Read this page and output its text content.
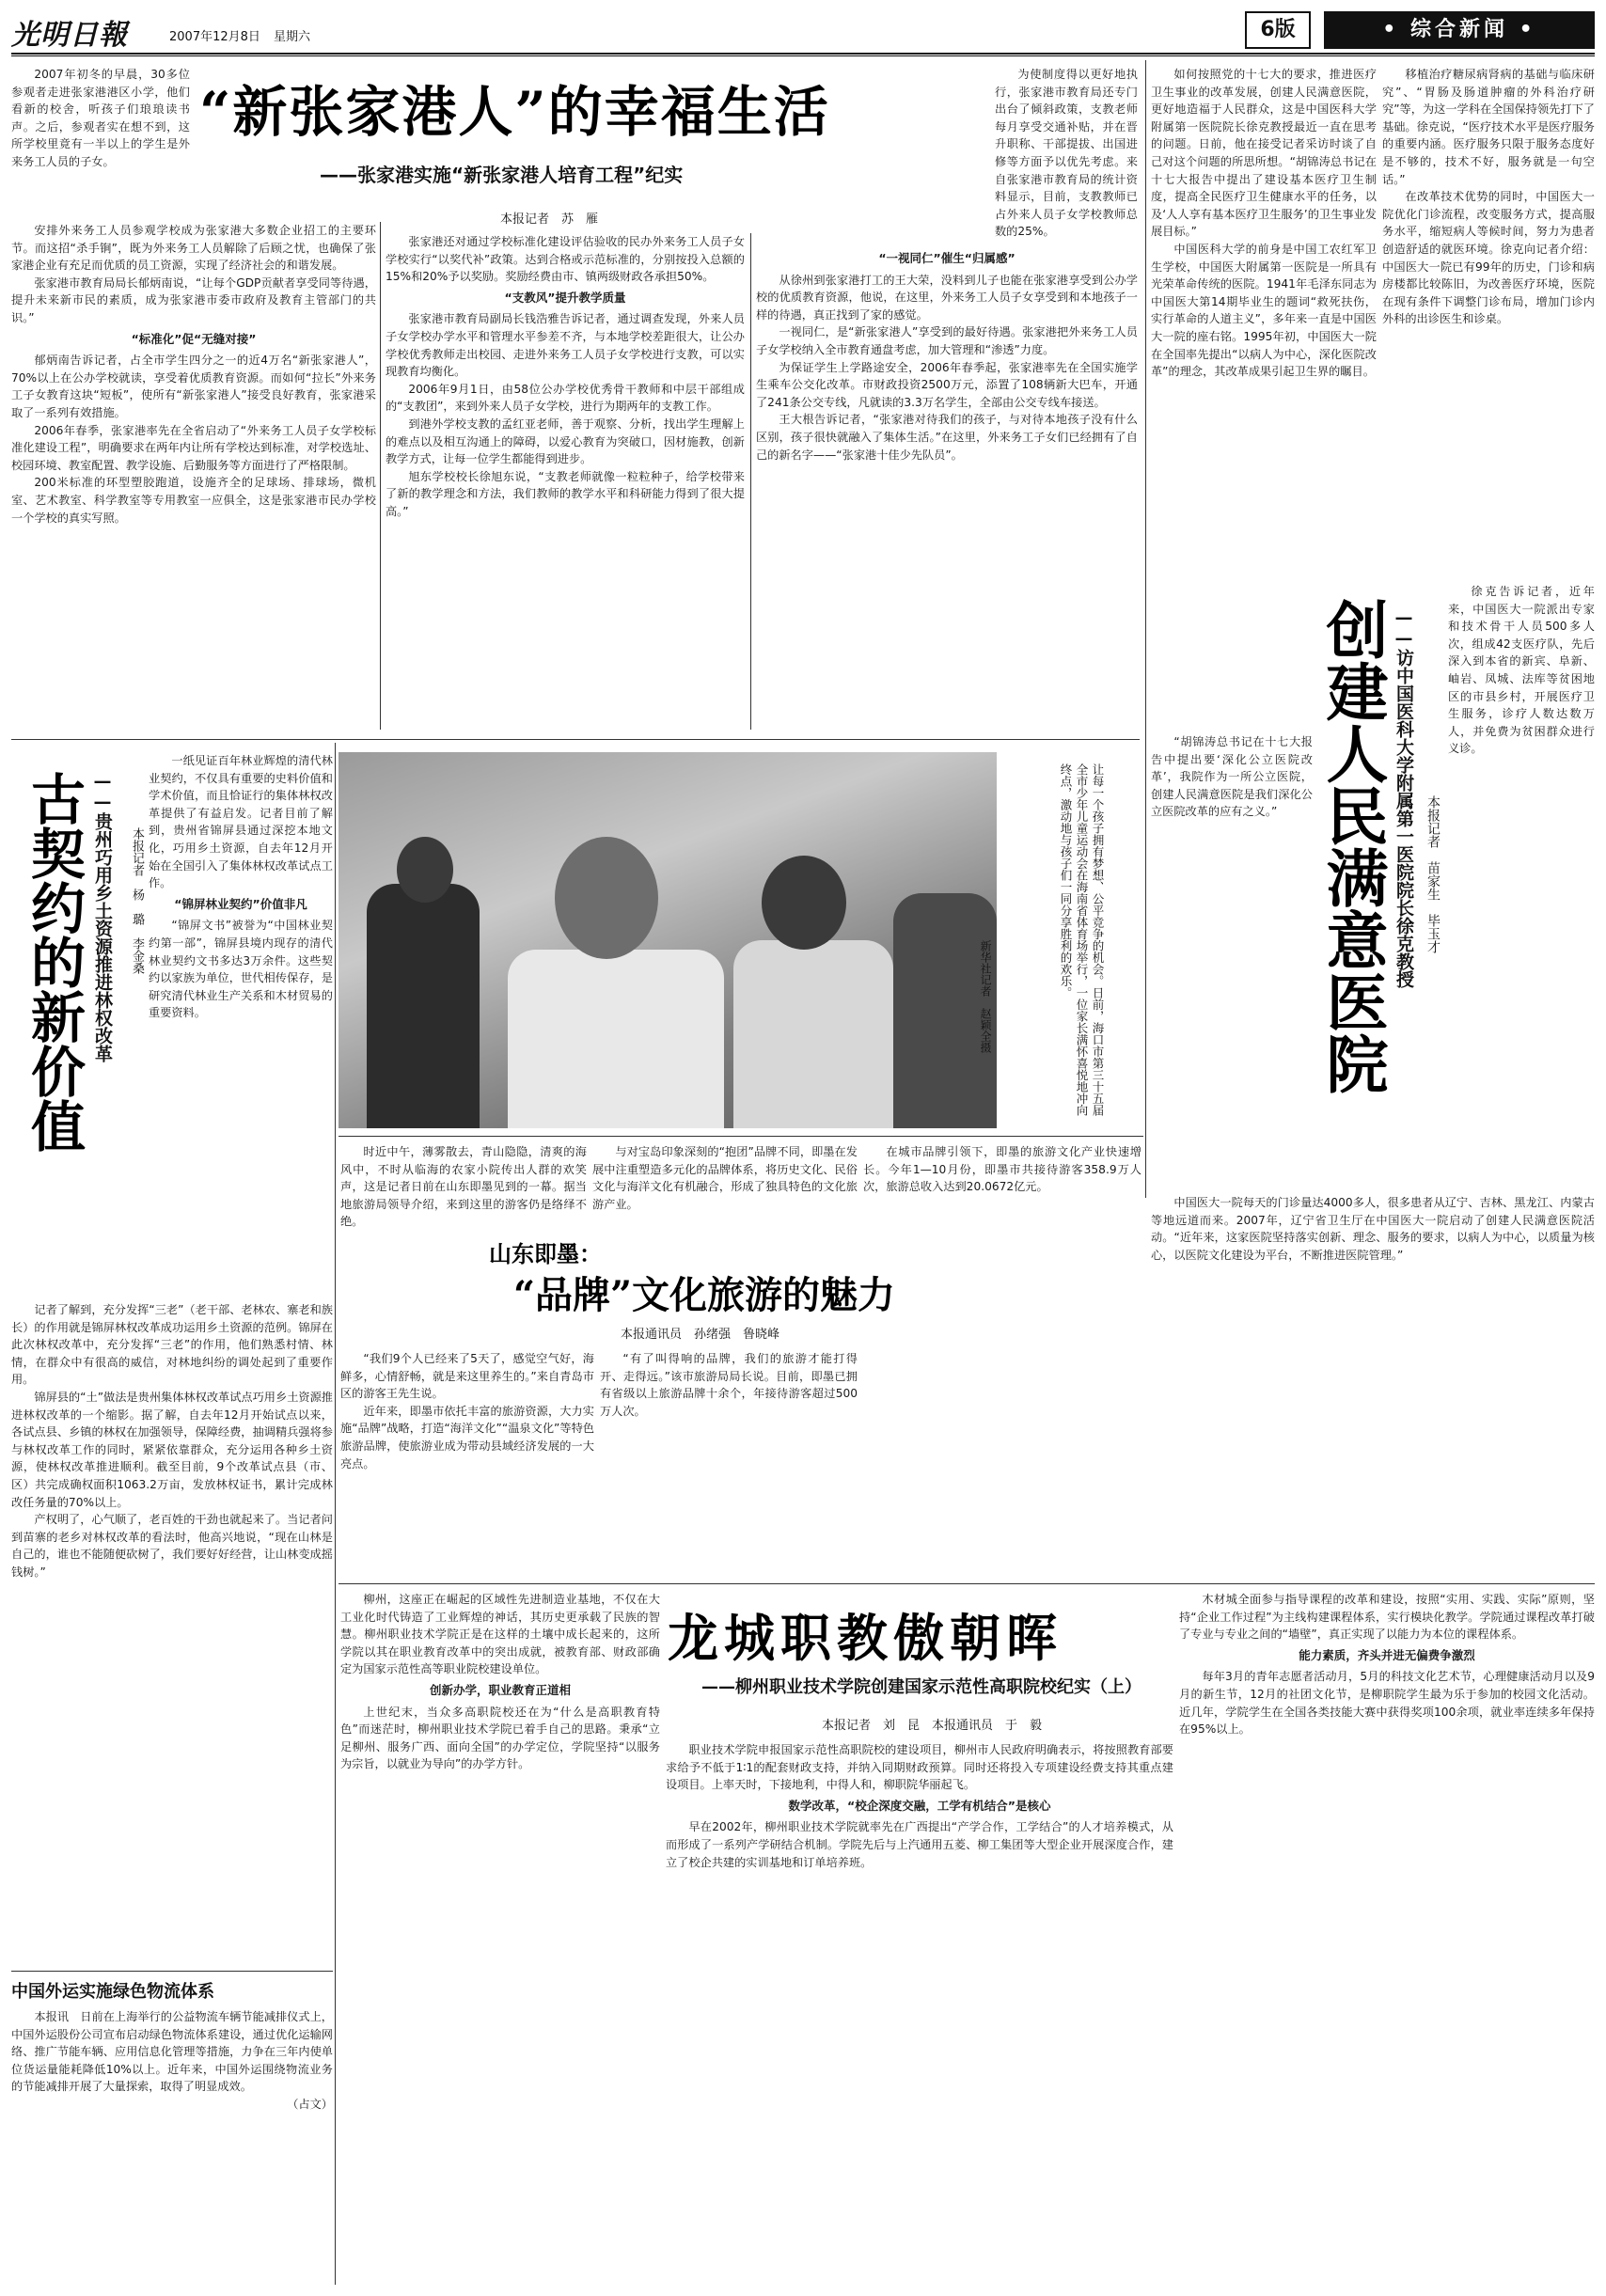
光明日報	2007年12月8日 星期六	6版	• 综合新闻 •
“新张家港人”的幸福生活
——张家港实施“新张家港人培育工程”纪实
本报记者　苏　雁

2007年初冬的早晨，30多位参观者走进张家港港区小学，他们看新的校舍，听孩子们琅琅读书声。之后，参观者实在想不到，这所学校里竟有一半以上的学生是外来务工人员的子女。

安排外来务工人员参观学校成为张家港大多数企业招工的主要环节。而这招“杀手锏”，既为外来务工人员解除了后顾之忧，也确保了张家港企业有充足而优质的员工资源，实现了经济社会的和谐发展。

张家港市教育局局长郁炳南说，“让每个GDP贡献者享受同等待遇，提升未来新市民的素质，成为张家港市委市政府及教育主管部门的共识。”

“标准化”促“无缝对接”

郁炳南告诉记者，占全市学生四分之一的近4万名“新张家港人”，70%以上在公办学校就读，享受着优质教育资源。而如何“拉长”外来务工子女教育这块“短板”，使所有“新张家港人”接受良好教育，张家港采取了一系列有效措施。

2006年春季，张家港率先在全省启动了“外来务工人员子女学校标准化建设工程”，明确要求在两年内让所有学校达到标准，对学校选址、校园环境、教室配置、教学设施、后勤服务等方面进行了严格限制。

200米标准的环型塑胶跑道，设施齐全的足球场、排球场，微机室、艺术教室、科学教室等专用教室一应俱全，这是张家港市民办学校一个学校的真实写照。

张家港还对通过学校标准化建设评估验收的民办外来务工人员子女学校实行“以奖代补”政策。达到合格或示范标准的，分别按投入总额的15%和20%予以奖励。奖励经费由市、镇两级财政各承担50%。

“支教风”提升教学质量

张家港市教育局副局长钱浩雅告诉记者，通过调查发现，外来人员子女学校办学水平和管理水平参差不齐，与本地学校差距很大，让公办学校优秀教师走出校园、走进外来务工人员子女学校进行支教，可以实现教育均衡化。

2006年9月1日，由58位公办学校优秀骨干教师和中层干部组成的“支教团”，来到外来人员子女学校，进行为期两年的支教工作。

到港外学校支教的孟红亚老师，善于观察、分析，找出学生理解上的难点以及相互沟通上的障碍，以爱心教育为突破口，因材施教，创新教学方式，让每一位学生都能得到进步。

旭东学校校长徐旭东说，“支教老师就像一粒粒种子，给学校带来了新的教学理念和方法，我们教师的教学水平和科研能力得到了很大提高。”

为使制度得以更好地执行，张家港市教育局还专门出台了倾斜政策，支教老师每月享受交通补贴，并在晋升职称、干部提拔、出国进修等方面予以优先考虑。来自张家港市教育局的统计资料显示，目前，支教教师已占外来人员子女学校教师总数的25%。

“一视同仁”催生“归属感”

从徐州到张家港打工的王大荣，没料到儿子也能在张家港享受到公办学校的优质教育资源，他说，在这里，外来务工人员子女享受到和本地孩子一样的待遇，真正找到了家的感觉。

一视同仁，是“新张家港人”享受到的最好待遇。张家港把外来务工人员子女学校纳入全市教育通盘考虑，加大管理和“渗透”力度。

为保证学生上学路途安全，2006年春季起，张家港率先在全国实施学生乘车公交化改革。市财政投资2500万元，添置了108辆新大巴车，开通了241条公交专线，凡就读的3.3万名学生，全部由公交专线车接送。

王大根告诉记者，“张家港对待我们的孩子，与对待本地孩子没有什么区别，孩子很快就融入了集体生活。”在这里，外来务工子女们已经拥有了自己的新名字——“张家港十佳少先队员”。

如何按照党的十七大的要求，推进医疗卫生事业的改革发展，创建人民满意医院，更好地造福于人民群众，这是中国医科大学附属第一医院院长徐克教授最近一直在思考的问题。日前，他在接受记者采访时谈了自己对这个问题的所思所想。“胡锦涛总书记在十七大报告中提出了建设基本医疗卫生制度，提高全民医疗卫生健康水平的任务，以及‘人人享有基本医疗卫生服务’的卫生事业发展目标。”

中国医科大学的前身是中国工农红军卫生学校，中国医大附属第一医院是一所具有光荣革命传统的医院。1941年毛泽东同志为中国医大第14期毕业生的题词“救死扶伤，实行革命的人道主义”，多年来一直是中国医大一院的座右铭。1995年初，中国医大一院在全国率先提出“以病人为中心，深化医院改革”的理念，其改革成果引起卫生界的瞩目。

移植治疗糖尿病肾病的基础与临床研究”、“胃肠及肠道肿瘤的外科治疗研究”等，为这一学科在全国保持领先打下了基础。徐克说，“医疗技术水平是医疗服务的重要内涵。医疗服务只限于服务态度好是不够的，技术不好，服务就是一句空话。”

在改革技术优势的同时，中国医大一院优化门诊流程，改变服务方式，提高服务水平，缩短病人等候时间，努力为患者创造舒适的就医环境。徐克向记者介绍：中国医大一院已有99年的历史，门诊和病房楼都比较陈旧，为改善医疗环境，医院在现有条件下调整门诊布局，增加门诊内外科的出诊医生和诊桌。

创建人民满意医院 ——访中国医科大学附属第一医院院长徐克教授 本报记者　苗家生　毕玉才

“胡锦涛总书记在十七大报告中提出要‘深化公立医院改革’，我院作为一所公立医院，创建人民满意医院是我们深化公立医院改革的应有之义。”

徐克告诉记者，近年来，中国医大一院派出专家和技术骨干人员500多人次，组成42支医疗队，先后深入到本省的新宾、阜新、岫岩、凤城、法库等贫困地区的市县乡村，开展医疗卫生服务，诊疗人数达数万人，并免费为贫困群众进行义诊。

中国医大一院每天的门诊量达4000多人，很多患者从辽宁、吉林、黑龙江、内蒙古等地远道而来。2007年，辽宁省卫生厅在中国医大一院启动了创建人民满意医院活动。“近年来，这家医院坚持落实创新、理念、服务的要求，以病人为中心，以质量为核心，以医院文化建设为平台，不断推进医院管理。”

古契约的新价值 ——贵州巧用乡土资源推进林权改革 本报记者　杨　璐　李金桑

一纸见证百年林业辉煌的清代林业契约，不仅具有重要的史料价值和学术价值，而且恰证行的集体林权改革提供了有益启发。记者目前了解到，贵州省锦屏县通过深挖本地文化，巧用乡土资源，自去年12月开始在全国引入了集体林权改革试点工作。

“锦屏林业契约”价值非凡

“锦屏文书”被誉为“中国林业契约第一部”，锦屏县境内现存的清代林业契约文书多达3万余件。这些契约以家族为单位，世代相传保存，是研究清代林业生产关系和木材贸易的重要资料。

记者了解到，充分发挥“三老”（老干部、老林农、寨老和族长）的作用就是锦屏林权改革成功运用乡土资源的范例。锦屏在此次林权改革中，充分发挥“三老”的作用，他们熟悉村情、林情，在群众中有很高的威信，对林地纠纷的调处起到了重要作用。

锦屏县的“土”做法是贵州集体林权改革试点巧用乡土资源推进林权改革的一个缩影。据了解，自去年12月开始试点以来，各试点县、乡镇的林权在加强领导，保障经费，抽调精兵强将参与林权改革工作的同时，紧紧依靠群众，充分运用各种乡土资源，使林权改革推进顺利。截至目前，9个改革试点县（市、区）共完成确权面积1063.2万亩，发放林权证书，累计完成林改任务量的70%以上。

产权明了，心气顺了，老百姓的干劲也就起来了。当记者问到苗寨的老乡对林权改革的看法时，他高兴地说，“现在山林是自己的，谁也不能随便砍树了，我们要好好经营，让山林变成摇钱树。”

让每一个孩子拥有梦想、公平竞争的机会。日前，海口市第三十五届全市少年儿童运动会在海南省体育场举行，一位家长满怀喜悦地冲向终点，激动地与孩子们一同分享胜利的欢乐。
新华社记者　赵颖全摄
山东即墨：
“品牌”文化旅游的魅力
本报通讯员　孙绪强　鲁晓峰

时近中午，薄雾散去，青山隐隐，清爽的海风中，不时从临海的农家小院传出人群的欢笑声，这是记者日前在山东即墨见到的一幕。据当地旅游局领导介绍，来到这里的游客仍是络绎不绝。

与对宝岛印象深刻的“抱团”品牌不同，即墨在发展中注重塑造多元化的品牌体系，将历史文化、民俗文化与海洋文化有机融合，形成了独具特色的文化旅游产业。

在城市品牌引领下，即墨的旅游文化产业快速增长。今年1—10月份，即墨市共接待游客358.9万人次，旅游总收入达到20.0672亿元。

“我们9个人已经来了5天了，感觉空气好，海鲜多，心情舒畅，就是来这里养生的。”来自青岛市区的游客王先生说。

近年来，即墨市依托丰富的旅游资源，大力实施“品牌”战略，打造“海洋文化”“温泉文化”等特色旅游品牌，使旅游业成为带动县域经济发展的一大亮点。

“有了叫得响的品牌，我们的旅游才能打得开、走得远。”该市旅游局局长说。目前，即墨已拥有省级以上旅游品牌十余个，年接待游客超过500万人次。

龙城职教傲朝晖
——柳州职业技术学院创建国家示范性高职院校纪实（上）
本报记者　刘　昆　本报通讯员　于　毅

柳州，这座正在崛起的区域性先进制造业基地，不仅在大工业化时代铸造了工业辉煌的神话，其历史更承载了民族的智慧。柳州职业技术学院正是在这样的土壤中成长起来的，这所学院以其在职业教育改革中的突出成就，被教育部、财政部确定为国家示范性高等职业院校建设单位。

创新办学，职业教育正道相

上世纪末，当众多高职院校还在为“什么是高职教育特色”而迷茫时，柳州职业技术学院已着手自己的思路。秉承“立足柳州、服务广西、面向全国”的办学定位，学院坚持“以服务为宗旨，以就业为导向”的办学方针。

职业技术学院申报国家示范性高职院校的建设项目，柳州市人民政府明确表示，将按照教育部要求给予不低于1∶1的配套财政支持，并纳入同期财政预算。同时还将投入专项建设经费支持其重点建设项目。上率天时，下接地利，中得人和，柳职院华丽起飞。

数学改革，“校企深度交融，工学有机结合”是核心

早在2002年，柳州职业技术学院就率先在广西提出“产学合作，工学结合”的人才培养模式，从而形成了一系列产学研结合机制。学院先后与上汽通用五菱、柳工集团等大型企业开展深度合作，建立了校企共建的实训基地和订单培养班。

木材城全面参与指导课程的改革和建设，按照“实用、实践、实际”原则，坚持“企业工作过程”为主线构建课程体系，实行模块化教学。学院通过课程改革打破了专业与专业之间的“墙壁”，真正实现了以能力为本位的课程体系。

能力素质，齐头并进无偏费争激烈

每年3月的青年志愿者活动月，5月的科技文化艺术节，心理健康活动月以及9月的新生节，12月的社团文化节，是柳职院学生最为乐于参加的校园文化活动。近几年，学院学生在全国各类技能大赛中获得奖项100余项，就业率连续多年保持在95%以上。

中国外运实施绿色物流体系

本报讯　日前在上海举行的公益物流车辆节能减排仪式上，中国外运股份公司宣布启动绿色物流体系建设，通过优化运输网络、推广节能车辆、应用信息化管理等措施，力争在三年内使单位货运量能耗降低10%以上。近年来，中国外运围绕物流业务的节能减排开展了大量探索，取得了明显成效。

（占文）
